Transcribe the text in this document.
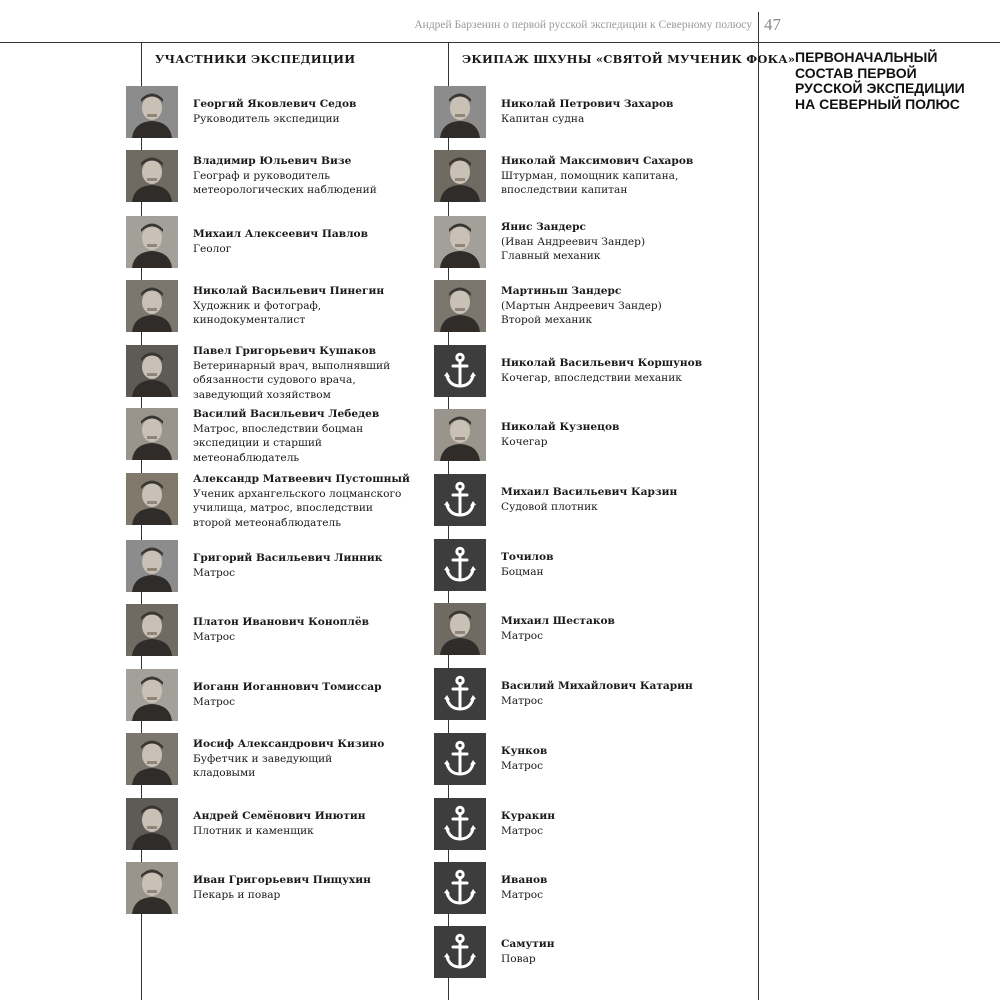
Андрей Барзенин о первой русской экспедиции к Северному полюсу 47
УЧАСТНИКИ ЭКСПЕДИЦИИ	ЭКИПАЖ ШХУНЫ «СВЯТОЙ МУЧЕНИК ФОКА» ПЕРВОНАЧАЛЬНЫЙ СОСТАВ ПЕРВОЙ РУССКОЙ ЭКСПЕДИЦИИ НА СЕВЕРНЫЙ ПОЛЮС
Георгий Яковлевич Седов
Руководитель экспедиции
Владимир Юльевич Визе
Географ и руководитель
метеорологических наблюдений
Михаил Алексеевич Павлов
Геолог
Николай Васильевич Пинегин
Художник и фотограф,
кинодокументалист
Павел Григорьевич Кушаков
Ветеринарный врач, выполнявший
обязанности судового врача,
заведующий хозяйством
Василий Васильевич Лебедев
Матрос, впоследствии боцман
экспедиции и старший
метеонаблюдатель
Александр Матвеевич Пустошный
Ученик архангельского лоцманского
училища, матрос, впоследствии
второй метеонаблюдатель
Григорий Васильевич Линник
Матрос
Платон Иванович Коноплёв
Матрос
Иоганн Иоганнович Томиссар
Матрос
Иосиф Александрович Кизино
Буфетчик и заведующий
кладовыми
Андрей Семёнович Инютин
Плотник и каменщик
Иван Григорьевич Пищухин
Пекарь и повар
Николай Петрович Захаров
Капитан судна
Николай Максимович Сахаров
Штурман, помощник капитана,
впоследствии капитан
Янис Зандерс
(Иван Андреевич Зандер)
Главный механик
Мартиньш Зандерс
(Мартын Андреевич Зандер)
Второй механик
Николай Васильевич Коршунов
Кочегар, впоследствии механик
Николай Кузнецов
Кочегар
Михаил Васильевич Карзин
Судовой плотник
Точилов
Боцман
Михаил Шестаков
Матрос
Василий Михайлович Катарин
Матрос
Кунков
Матрос
Куракин
Матрос
Иванов
Матрос
Самутин
Повар
